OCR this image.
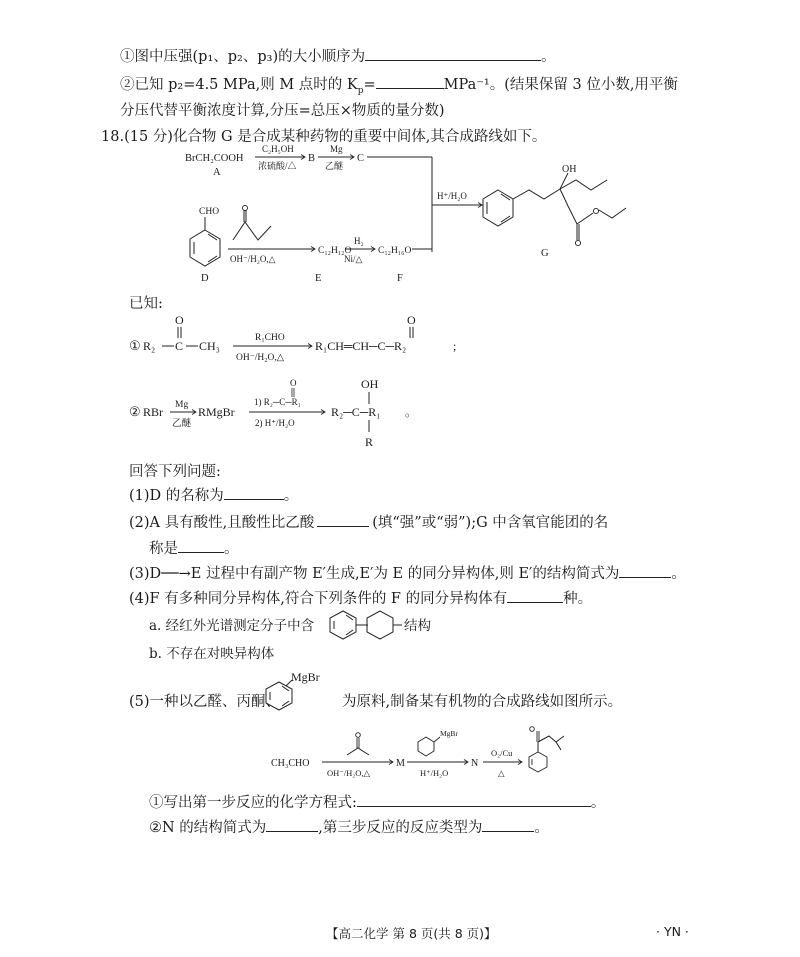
①图中压强(p₁、p₂、p₃)的大小顺序为	。
②已知 p₂=4.5 MPa,则 M 点时的 $K_p=$	MPa⁻¹。(结果保留 3 位小数,用平衡
分压代替平衡浓度计算,分压=总压×物质的量分数)
18.(15 分)化合物 G 是合成某种药物的重要中间体,其合成路线如下。
BrCH₂COOH
A
C₂H₅OH
浓硫酸/△
B
Mg
乙醚
C
CHO
D
OH⁻/H₂O,△
C₁₂H₁₂O
E
H₂
Ni/△
C₁₂H₁₆O
F
H⁺/H₂O
OH
G
已知:
① R₂ C
O
CH₃
R₁CHO
OH⁻/H₂O,△
R₁CH═CH─C─R₂
O
;
② RBr Mg
乙醚
RMgBr
O
1) R₂─C─R₁
2) H⁺/H₂O
OH
R₂─C─R₁
R
。
回答下列问题:
(1)D 的名称为	。
(2)A 具有酸性,且酸性比乙酸	(填“强”或“弱”);G 中含氧官能团的名
称是	。
(3)D──→E 过程中有副产物 E′生成,E′为 E 的同分异构体,则 E′的结构简式为	。
(4)F 有多种同分异构体,符合下列条件的 F 的同分异构体有	种。
a. 经红外光谱测定分子中含	结构
b. 不存在对映异构体
MgBr
(5)一种以乙醛、丙酮、	为原料,制备某有机物的合成路线如图所示。
CH₃CHO
OH⁻/H₂O,△
M
MgBr
H⁺/H₂O
N
O₂/Cu
△
①写出第一步反应的化学方程式:	。
②N 的结构简式为	,第三步反应的反应类型为	。
【高二化学 第 8 页(共 8 页)】	· YN ·
